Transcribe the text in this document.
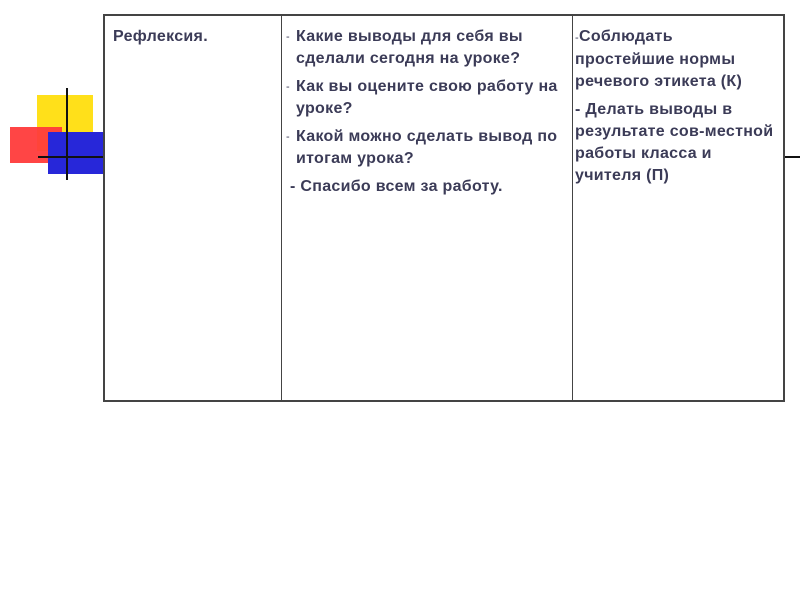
Рефлексия.	- Какие выводы для себя вы сделали сегодня на уроке?
- Как вы оцените свою работу на уроке?
- Какой можно сделать вывод по итогам урока?
- Спасибо всем за работу.
-Соблюдать простейшие нормы речевого этикета (К)
- Делать выводы в результате сов-местной работы класса и учителя (П)
